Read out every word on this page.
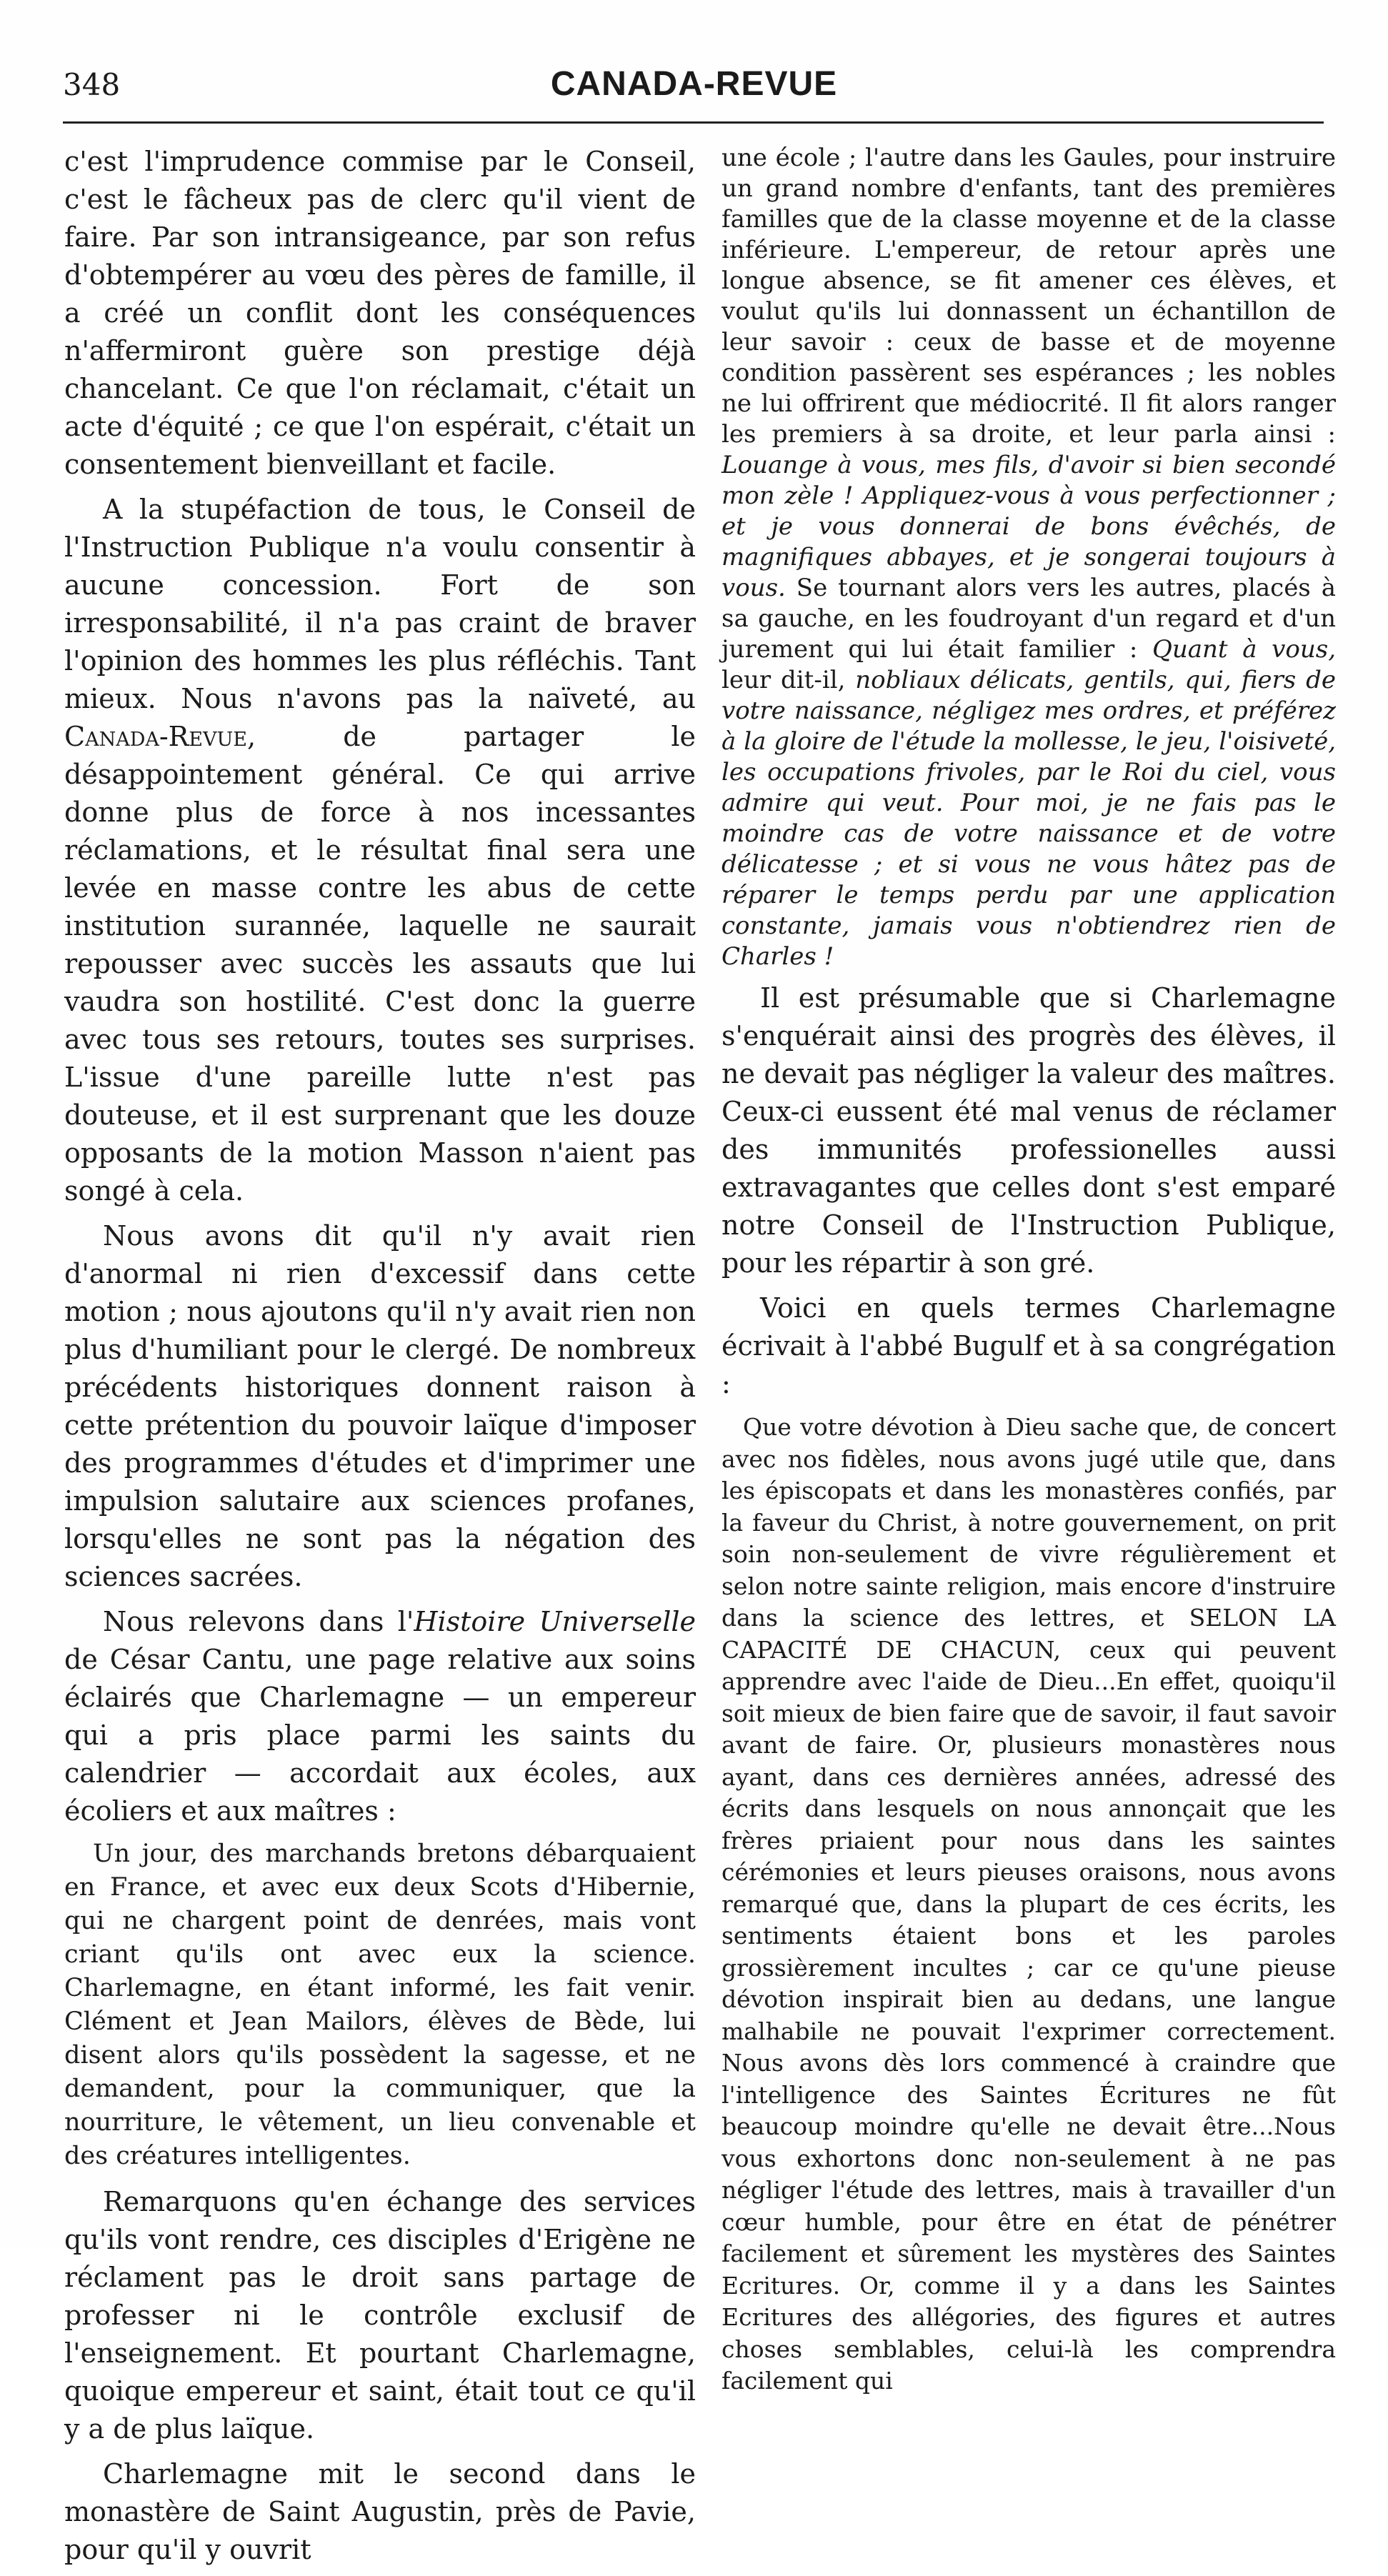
348	CANADA-REVUE

c'est l'imprudence commise par le Conseil, c'est le fâcheux pas de clerc qu'il vient de faire. Par son intransigeance, par son refus d'obtempérer au vœu des pères de famille, il a créé un conflit dont les conséquences n'affermiront guère son prestige déjà chancelant. Ce que l'on réclamait, c'était un acte d'équité ; ce que l'on espérait, c'était un consentement bienveillant et facile.

A la stupéfaction de tous, le Conseil de l'Instruction Publique n'a voulu consentir à aucune concession. Fort de son irresponsabilité, il n'a pas craint de braver l'opinion des hommes les plus réfléchis. Tant mieux. Nous n'avons pas la naïveté, au Canada-Revue, de partager le désappointement général. Ce qui arrive donne plus de force à nos incessantes réclamations, et le résultat final sera une levée en masse contre les abus de cette institution surannée, laquelle ne saurait repousser avec succès les assauts que lui vaudra son hostilité. C'est donc la guerre avec tous ses retours, toutes ses surprises. L'issue d'une pareille lutte n'est pas douteuse, et il est surprenant que les douze opposants de la motion Masson n'aient pas songé à cela.

Nous avons dit qu'il n'y avait rien d'anormal ni rien d'excessif dans cette motion ; nous ajoutons qu'il n'y avait rien non plus d'humiliant pour le clergé. De nombreux précédents historiques donnent raison à cette prétention du pouvoir laïque d'imposer des programmes d'études et d'imprimer une impulsion salutaire aux sciences profanes, lorsqu'elles ne sont pas la négation des sciences sacrées.

Nous relevons dans l'Histoire Universelle de César Cantu, une page relative aux soins éclairés que Charlemagne — un empereur qui a pris place parmi les saints du calendrier — accordait aux écoles, aux écoliers et aux maîtres :

Un jour, des marchands bretons débarquaient en France, et avec eux deux Scots d'Hibernie, qui ne chargent point de denrées, mais vont criant qu'ils ont avec eux la science. Charlemagne, en étant informé, les fait venir. Clément et Jean Mailors, élèves de Bède, lui disent alors qu'ils possèdent la sagesse, et ne demandent, pour la communiquer, que la nourriture, le vêtement, un lieu convenable et des créatures intelligentes.

Remarquons qu'en échange des services qu'ils vont rendre, ces disciples d'Erigène ne réclament pas le droit sans partage de professer ni le contrôle exclusif de l'enseignement. Et pourtant Charlemagne, quoique empereur et saint, était tout ce qu'il y a de plus laïque.

Charlemagne mit le second dans le monastère de Saint Augustin, près de Pavie, pour qu'il y ouvrit

une école ; l'autre dans les Gaules, pour instruire un grand nombre d'enfants, tant des premières familles que de la classe moyenne et de la classe inférieure. L'empereur, de retour après une longue absence, se fit amener ces élèves, et voulut qu'ils lui donnassent un échantillon de leur savoir : ceux de basse et de moyenne condition passèrent ses espérances ; les nobles ne lui offrirent que médiocrité. Il fit alors ranger les premiers à sa droite, et leur parla ainsi : Louange à vous, mes fils, d'avoir si bien secondé mon zèle ! Appliquez-vous à vous perfectionner ; et je vous donnerai de bons évêchés, de magnifiques abbayes, et je songerai toujours à vous. Se tournant alors vers les autres, placés à sa gauche, en les foudroyant d'un regard et d'un jurement qui lui était familier : Quant à vous, leur dit-il, nobliaux délicats, gentils, qui, fiers de votre naissance, négligez mes ordres, et préférez à la gloire de l'étude la mollesse, le jeu, l'oisiveté, les occupations frivoles, par le Roi du ciel, vous admire qui veut. Pour moi, je ne fais pas le moindre cas de votre naissance et de votre délicatesse ; et si vous ne vous hâtez pas de réparer le temps perdu par une application constante, jamais vous n'obtiendrez rien de Charles !

Il est présumable que si Charlemagne s'enquérait ainsi des progrès des élèves, il ne devait pas négliger la valeur des maîtres. Ceux-ci eussent été mal venus de réclamer des immunités professionelles aussi extravagantes que celles dont s'est emparé notre Conseil de l'Instruction Publique, pour les répartir à son gré.

Voici en quels termes Charlemagne écrivait à l'abbé Bugulf et à sa congrégation :

Que votre dévotion à Dieu sache que, de concert avec nos fidèles, nous avons jugé utile que, dans les épiscopats et dans les monastères confiés, par la faveur du Christ, à notre gouvernement, on prit soin non-seulement de vivre régulièrement et selon notre sainte religion, mais encore d'instruire dans la science des lettres, et SELON LA CAPACITÉ DE CHACUN, ceux qui peuvent apprendre avec l'aide de Dieu...En effet, quoiqu'il soit mieux de bien faire que de savoir, il faut savoir avant de faire. Or, plusieurs monastères nous ayant, dans ces dernières années, adressé des écrits dans lesquels on nous annonçait que les frères priaient pour nous dans les saintes cérémonies et leurs pieuses oraisons, nous avons remarqué que, dans la plupart de ces écrits, les sentiments étaient bons et les paroles grossièrement incultes ; car ce qu'une pieuse dévotion inspirait bien au dedans, une langue malhabile ne pouvait l'exprimer correctement. Nous avons dès lors commencé à craindre que l'intelligence des Saintes Écritures ne fût beaucoup moindre qu'elle ne devait être...Nous vous exhortons donc non-seulement à ne pas négliger l'étude des lettres, mais à travailler d'un cœur humble, pour être en état de pénétrer facilement et sûrement les mystères des Saintes Ecritures. Or, comme il y a dans les Saintes Ecritures des allégories, des figures et autres choses semblables, celui-là les comprendra facilement qui
